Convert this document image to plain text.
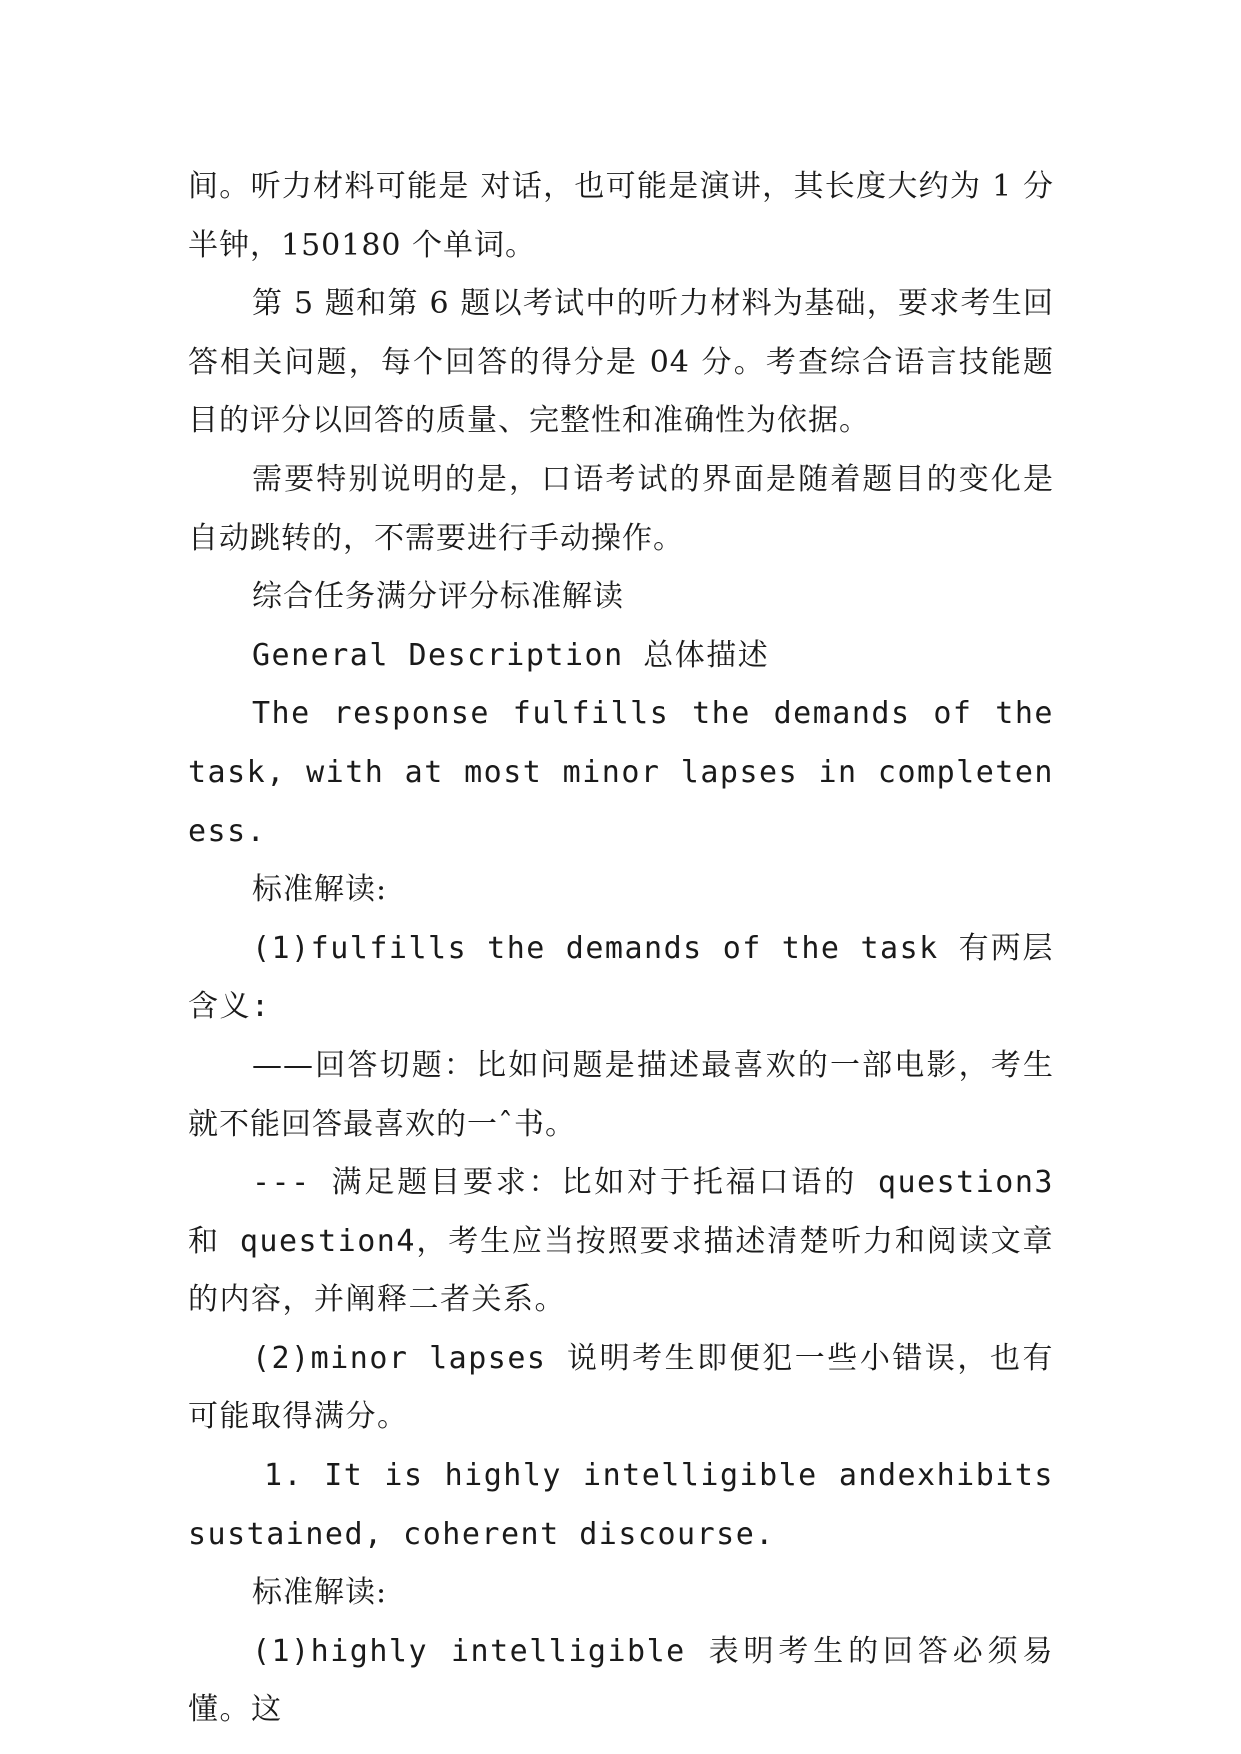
间。听力材料可能是 对话，也可能是演讲，其长度大约为 1 分半钟，150180 个单词。

第 5 题和第 6 题以考试中的听力材料为基础，要求考生回答相关问题，每个回答的得分是 04 分。考查综合语言技能题目的评分以回答的质量、完整性和准确性为依据。

需要特别说明的是，口语考试的界面是随着题目的变化是自动跳转的，不需要进行手动操作。

综合任务满分评分标准解读

General Description 总体描述

The response fulfills the demands of the task, with at most minor lapses in completeness.

标准解读:

(1)fulfills the demands of the task 有两层含义:

——回答切题：比如问题是描述最喜欢的一部电影，考生就不能回答最喜欢的一ˆ书。

--- 满足题目要求：比如对于托福口语的 question3 和 question4，考生应当按照要求描述清楚听力和阅读文章的内容，并阐释二者关系。

(2)minor lapses 说明考生即便犯一些小错误，也有可能取得满分。

1. It is highly intelligible andexhibits sustained, coherent discourse.

标准解读:

(1)highly intelligible 表明考生的回答必须易懂。这
